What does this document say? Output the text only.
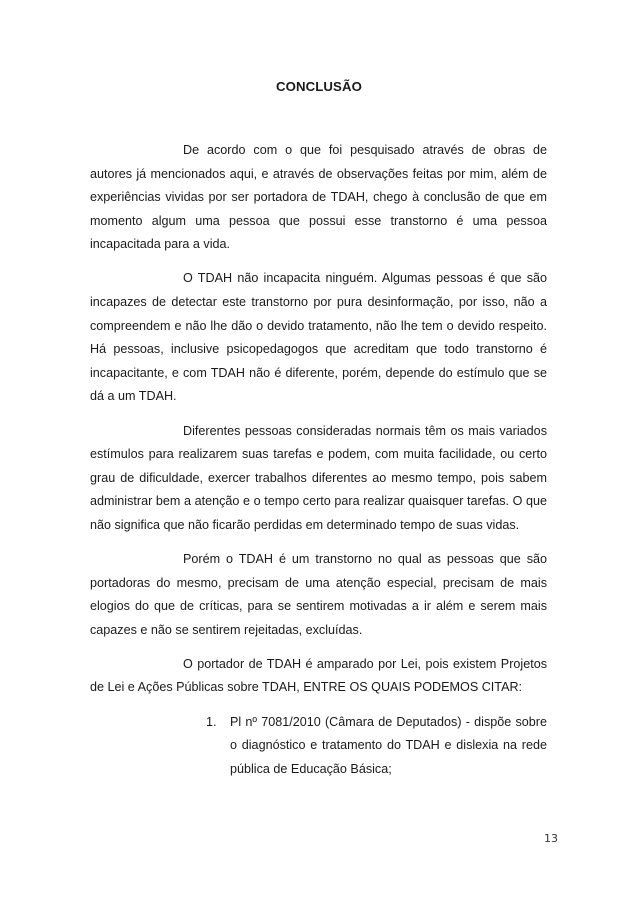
CONCLUSÃO

De acordo com o que foi pesquisado através de obras de autores já mencionados aqui, e através de observações feitas por mim, além de experiências vividas por ser portadora de TDAH, chego à conclusão de que em momento algum uma pessoa que possui esse transtorno é uma pessoa incapacitada para a vida.

O TDAH não incapacita ninguém. Algumas pessoas é que são incapazes de detectar este transtorno por pura desinformação, por isso, não a compreendem e não lhe dão o devido tratamento, não lhe tem o devido respeito. Há pessoas, inclusive psicopedagogos que acreditam que todo transtorno é incapacitante, e com TDAH não é diferente, porém, depende do estímulo que se dá a um TDAH.

Diferentes pessoas consideradas normais têm os mais variados estímulos para realizarem suas tarefas e podem, com muita facilidade, ou certo grau de dificuldade, exercer trabalhos diferentes ao mesmo tempo, pois sabem administrar bem a atenção e o tempo certo para realizar quaisquer tarefas. O que não significa que não ficarão perdidas em determinado tempo de suas vidas.

Porém o TDAH é um transtorno no qual as pessoas que são portadoras do mesmo, precisam de uma atenção especial, precisam de mais elogios do que de críticas, para se sentirem motivadas a ir além e serem mais capazes e não se sentirem rejeitadas, excluídas.

O portador de TDAH é amparado por Lei, pois existem Projetos de Lei e Ações Públicas sobre TDAH, ENTRE OS QUAIS PODEMOS CITAR:

1. Pl nº 7081/2010 (Câmara de Deputados) - dispõe sobre o diagnóstico e tratamento do TDAH e dislexia na rede pública de Educação Básica;
13
